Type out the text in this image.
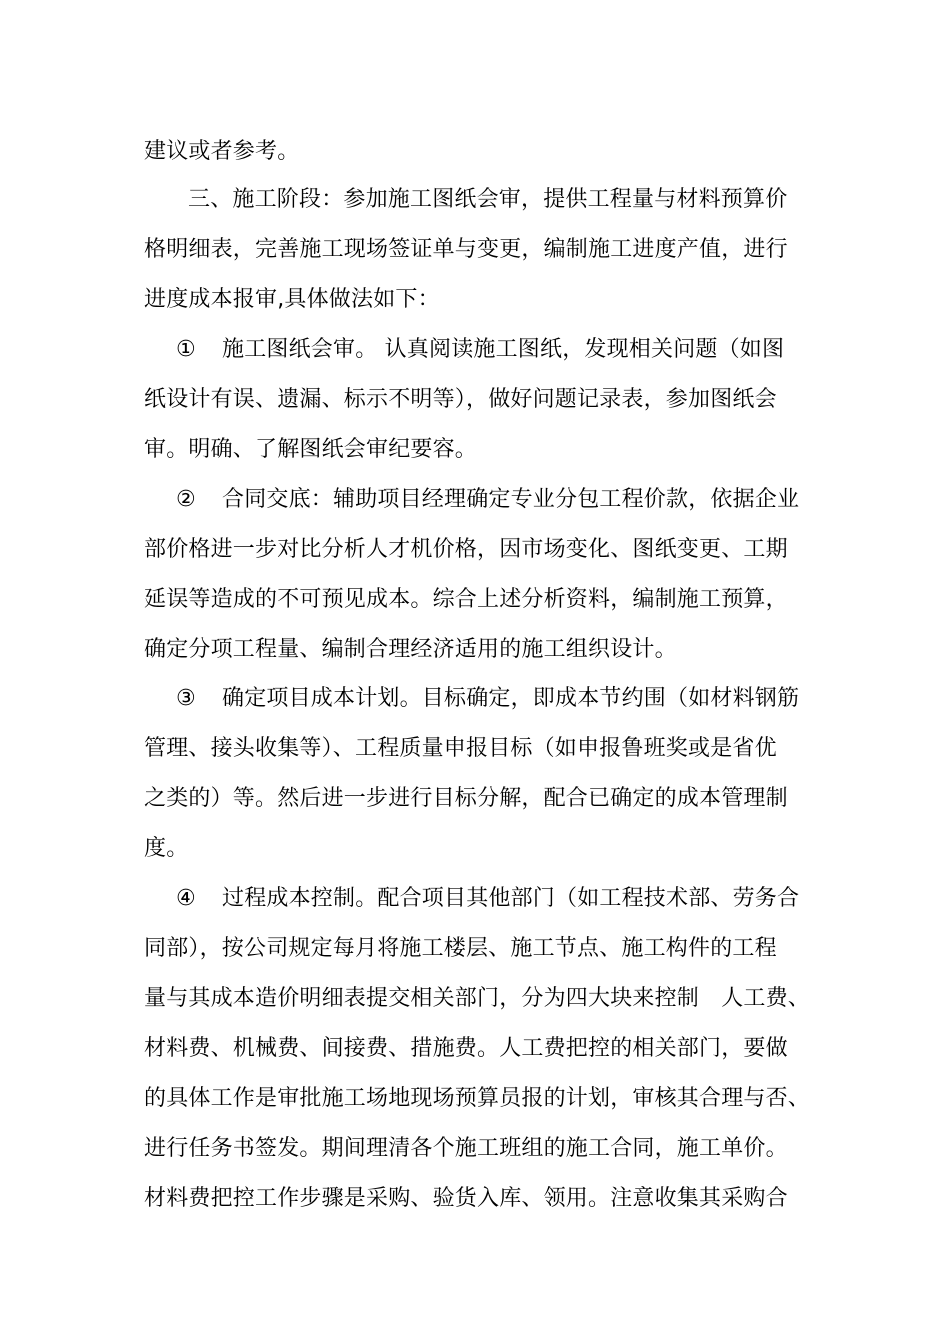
建议或者参考。
三、施工阶段：参加施工图纸会审，提供工程量与材料预算价
格明细表，完善施工现场签证单与变更，编制施工进度产值，进行
进度成本报审,具体做法如下：
① 施工图纸会审。 认真阅读施工图纸，发现相关问题（如图
纸设计有误、遗漏、标示不明等），做好问题记录表，参加图纸会
审。明确、了解图纸会审纪要容。
② 合同交底：辅助项目经理确定专业分包工程价款，依据企业
部价格进一步对比分析人才机价格，因市场变化、图纸变更、工期
延误等造成的不可预见成本。综合上述分析资料，编制施工预算，
确定分项工程量、编制合理经济适用的施工组织设计。
③ 确定项目成本计划。目标确定，即成本节约围（如材料钢筋
管理、接头收集等）、工程质量申报目标（如申报鲁班奖或是省优
之类的）等。然后进一步进行目标分解，配合已确定的成本管理制
度。
④ 过程成本控制。配合项目其他部门（如工程技术部、劳务合
同部），按公司规定每月将施工楼层、施工节点、施工构件的工程
量与其成本造价明细表提交相关部门，分为四大块来控制　人工费、
材料费、机械费、间接费、措施费。人工费把控的相关部门，要做
的具体工作是审批施工场地现场预算员报的计划，审核其合理与否、
进行任务书签发。期间理清各个施工班组的施工合同，施工单价。
材料费把控工作步骤是采购、验货入库、领用。注意收集其采购合
